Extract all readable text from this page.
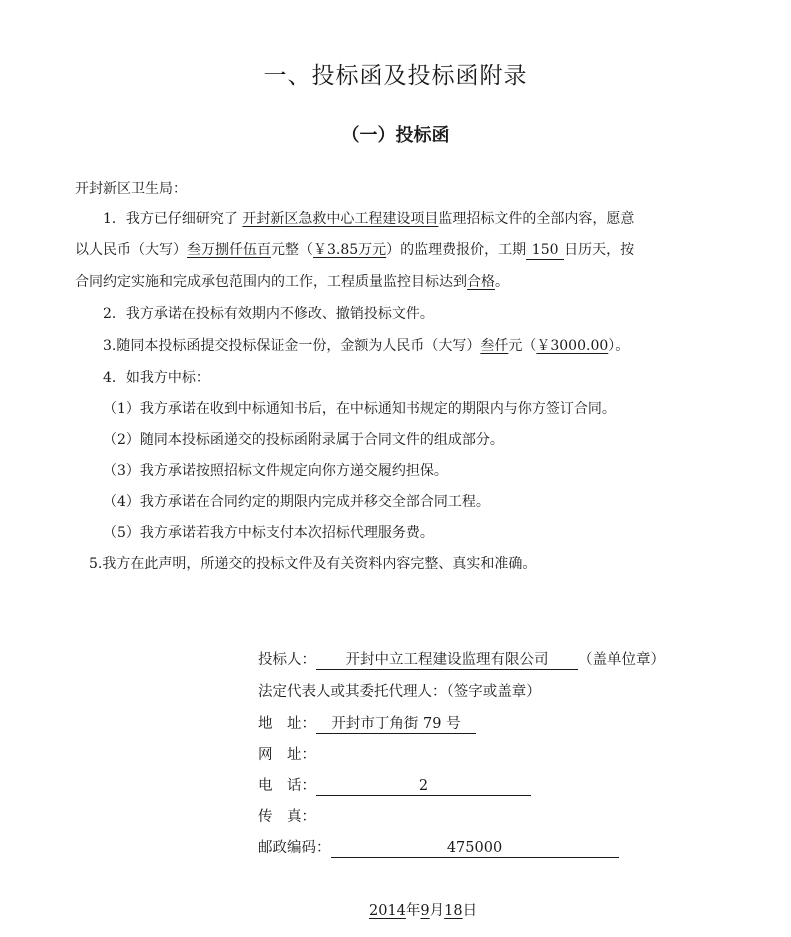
一、投标函及投标函附录
（一）投标函
开封新区卫生局：
1．我方已仔细研究了 开封新区急救中心工程建设项目监理招标文件的全部内容，愿意
以人民币（大写）叁万捌仟伍百元整（￥3.85万元）的监理费报价，工期 150 日历天，按
合同约定实施和完成承包范围内的工作，工程质量监控目标达到合格。
2．我方承诺在投标有效期内不修改、撤销投标文件。
3.随同本投标函提交投标保证金一份，金额为人民币（大写）叁仟元（￥3000.00）。
4．如我方中标：
（1）我方承诺在收到中标通知书后，在中标通知书规定的期限内与你方签订合同。
（2）随同本投标函递交的投标函附录属于合同文件的组成部分。
（3）我方承诺按照招标文件规定向你方递交履约担保。
（4）我方承诺在合同约定的期限内完成并移交全部合同工程。
（5）我方承诺若我方中标支付本次招标代理服务费。
5.我方在此声明，所递交的投标文件及有关资料内容完整、真实和准确。
投标人： 开封中立工程建设监理有限公司 （盖单位章）
法定代表人或其委托代理人：（签字或盖章）
地　址： 开封市丁角街 79 号
网　址：
电　话：	2
传　真：
邮政编码：	475000
2014年9月18日
